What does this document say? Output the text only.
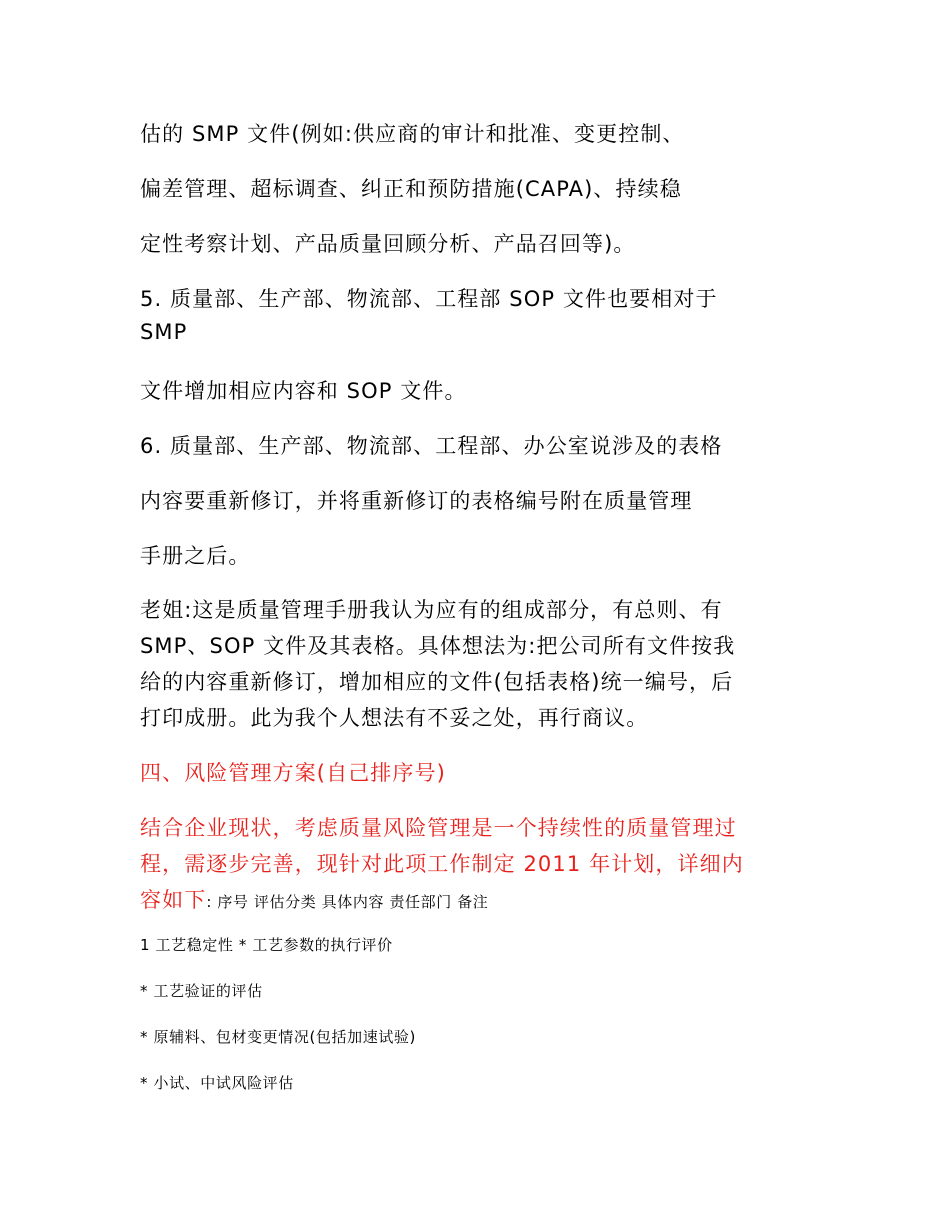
估的 SMP 文件(例如:供应商的审计和批准、变更控制、
偏差管理、超标调查、纠正和预防措施(CAPA)、持续稳
定性考察计划、产品质量回顾分析、产品召回等)。
5. 质量部、生产部、物流部、工程部 SOP 文件也要相对于
SMP
文件增加相应内容和 SOP 文件。
6. 质量部、生产部、物流部、工程部、办公室说涉及的表格
内容要重新修订，并将重新修订的表格编号附在质量管理
手册之后。
老姐:这是质量管理手册我认为应有的组成部分，有总则、有
SMP、SOP 文件及其表格。具体想法为:把公司所有文件按我
给的内容重新修订，增加相应的文件(包括表格)统一编号，后
打印成册。此为我个人想法有不妥之处，再行商议。
四、风险管理方案(自己排序号)
结合企业现状，考虑质量风险管理是一个持续性的质量管理过
程，需逐步完善，现针对此项工作制定 2011 年计划，详细内
容如下: 序号 评估分类 具体内容 责任部门 备注
1 工艺稳定性 * 工艺参数的执行评价
* 工艺验证的评估
* 原辅料、包材变更情况(包括加速试验)
* 小试、中试风险评估
